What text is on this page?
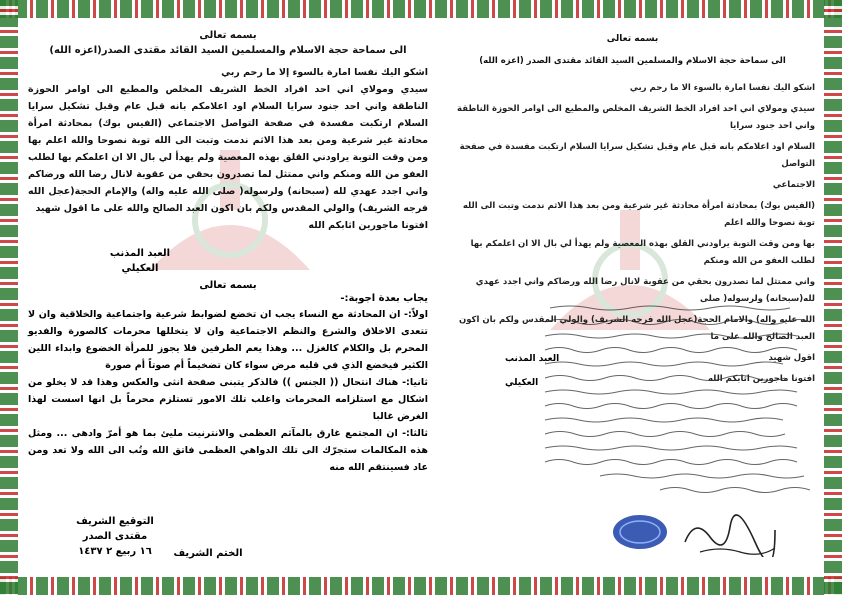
بسمه تعالى
الى سماحة حجة الاسلام والمسلمين السيد القائد مقتدى الصدر(اعزه الله)

اشكو اليك نفسا امارة بالسوء إلا ما رحم ربي

سيدي ومولاي اني احد افراد الخط الشريف المخلص والمطيع الى اوامر الحوزة الناطقة واني احد جنود سرايا السلام اود اعلامكم بانه قبل عام وقبل تشكيل سرايا السلام ارتكبت مفسدة في صفحة التواصل الاجتماعي (الفيس بوك) بمحادثة امرأة محادثة غير شرعية ومن بعد هذا الاثم ندمت وتبت الى الله توبة نصوحا والله اعلم بها ومن وقت التوبة يراودني القلق بهذه المعصية ولم يهدأ لي بال الا ان اعلمكم بها لطلب العفو من الله ومنكم واني ممتثل لما تصدرون بحقي من عقوبة لانال رضا الله ورضاكم واني اجدد عهدي لله (سبحانه) ولرسوله( صلى الله عليه واله) والإمام الحجة(عجل الله فرجه الشريف) والولي المقدس ولكم بان اكون العبد الصالح والله على ما اقول شهيد

افتونا ماجورين اثابكم الله

العبد المذنب
العكيلي
بسمه تعالى
يجاب بعدة اجوبة:-

اولاً:- ان المحادثة مع النساء يجب ان تخضع لضوابط شرعية واجتماعية والخلاقية وان لا تتعدى الاخلاق والشرع والنظم الاجتماعية وان لا يتخللها محرمات كالصورة والفديو المحرم بل والكلام كالغزل ... وهذا يعم الطرفين فلا يجوز للمرأة الخضوع وابداء اللين الكثير فيخضع الذي في قلبه مرض سواء كان تضخيماً أم صوتاً أم صورة

ثانيا:- هناك انتحال (( الجنس )) فالذكر يتبنى صفحة انثى والعكس وهذا قد لا يخلو من اشكال مع استلزامه المحرمات واغلب تلك الامور تستلزم محرماً بل انها اسست لهذا الغرض غالبا

ثالثا:- ان المجتمع غارق بالمآثم العظمى والانترنيت مليئ بما هو أمرّ وادهى ... ومثل هذه المكالمات ستجرّك الى تلك الدواهي العظمى فاتق الله وتُب الى الله ولا تعد ومن عاد فسينتقم الله منه

التوقيع الشريف
مقتدى الصدر
١٦ ربيع ٢ ١٤٣٧	الختم الشريف
بسمه تعالى
الى سماحة حجة الاسلام والمسلمين السيد القائد مقتدى الصدر (اعزه الله)

اشكو اليك نفسا امارة بالسوء الا ما رحم ربي

سيدي ومولاي اني احد افراد الخط الشريف المخلص والمطيع الى اوامر الحوزة الناطقة واني احد جنود سرايا

السلام اود اعلامكم بانه قبل عام وقبل تشكيل سرايا السلام ارتكبت مفسدة في صفحة التواصل

الاجتماعي

(الفيس بوك) بمحادثة امرأة محادثة غير شرعية ومن بعد هذا الاثم ندمت وتبت الى الله توبة نصوحا والله اعلم

بها ومن وقت التوبة يراودني القلق بهذه المعصية ولم يهدأ لي بال الا ان اعلمكم بها لطلب العفو من الله ومنكم

واني ممتثل لما تصدرون بحقي من عقوبة لانال رضا الله ورضاكم واني اجدد عهدي لله(سبحانه) ولرسوله( صلى

الله عليه واله) والامام الحجة(عجل الله فرجه الشريف) والولي المقدس ولكم بان اكون العبد الصالح والله على ما

اقول شهيد

افتونا ماجورين اثابكم الله

العبد المذنب
العكيلي
